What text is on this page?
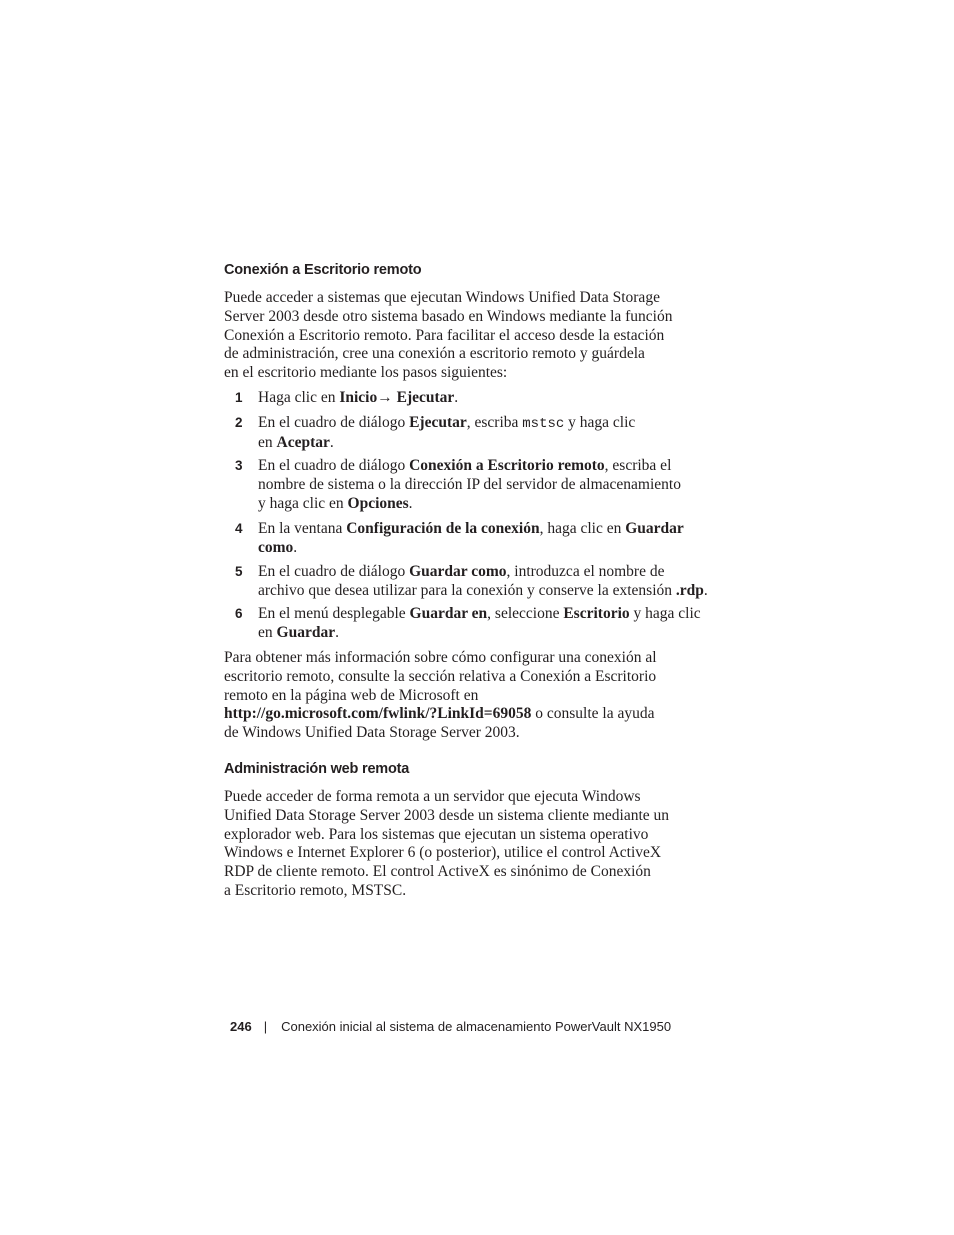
Conexión a Escritorio remoto

Puede acceder a sistemas que ejecutan Windows Unified Data Storage
Server 2003 desde otro sistema basado en Windows mediante la función
Conexión a Escritorio remoto. Para facilitar el acceso desde la estación
de administración, cree una conexión a escritorio remoto y guárdela
en el escritorio mediante los pasos siguientes:

1 Haga clic en Inicio→ Ejecutar.
2 En el cuadro de diálogo Ejecutar, escriba mstsc y haga clic
en Aceptar.
3 En el cuadro de diálogo Conexión a Escritorio remoto, escriba el
nombre de sistema o la dirección IP del servidor de almacenamiento
y haga clic en Opciones.
4 En la ventana Configuración de la conexión, haga clic en Guardar
como.
5 En el cuadro de diálogo Guardar como, introduzca el nombre de
archivo que desea utilizar para la conexión y conserve la extensión .rdp.
6 En el menú desplegable Guardar en, seleccione Escritorio y haga clic
en Guardar.

Para obtener más información sobre cómo configurar una conexión al
escritorio remoto, consulte la sección relativa a Conexión a Escritorio
remoto en la página web de Microsoft en
http://go.microsoft.com/fwlink/?LinkId=69058 o consulte la ayuda
de Windows Unified Data Storage Server 2003.

Administración web remota

Puede acceder de forma remota a un servidor que ejecuta Windows
Unified Data Storage Server 2003 desde un sistema cliente mediante un
explorador web. Para los sistemas que ejecutan un sistema operativo
Windows e Internet Explorer 6 (o posterior), utilice el control ActiveX
RDP de cliente remoto. El control ActiveX es sinónimo de Conexión
a Escritorio remoto, MSTSC.

246 | Conexión inicial al sistema de almacenamiento PowerVault NX1950
